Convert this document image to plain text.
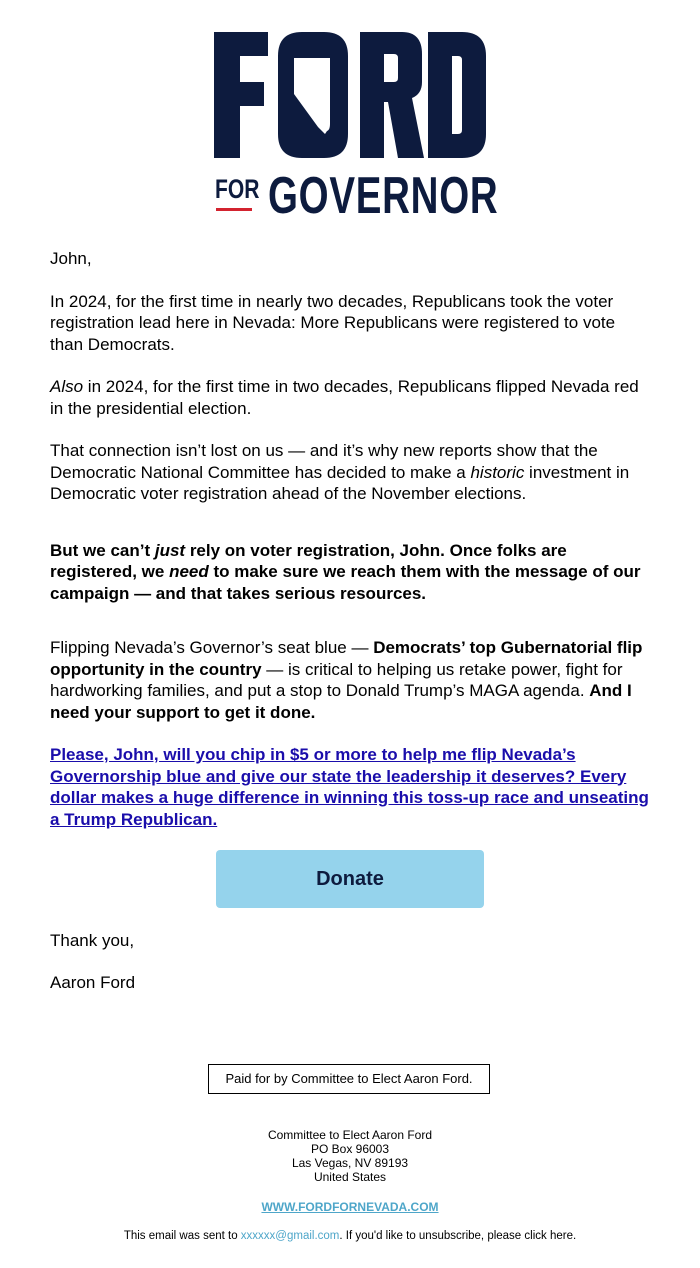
FOR GOVERNOR

John,

In 2024, for the first time in nearly two decades, Republicans took the voter registration lead here in Nevada: More Republicans were registered to vote than Democrats.

Also in 2024, for the first time in two decades, Republicans flipped Nevada red in the presidential election.

That connection isn’t lost on us — and it’s why new reports show that the Democratic National Committee has decided to make a historic investment in Democratic voter registration ahead of the November elections.

But we can’t just rely on voter registration, John. Once folks are registered, we need to make sure we reach them with the message of our campaign — and that takes serious resources.

Flipping Nevada’s Governor’s seat blue — Democrats’ top Gubernatorial flip opportunity in the country — is critical to helping us retake power, fight for hardworking families, and put a stop to Donald Trump’s MAGA agenda. And I need your support to get it done.

Please, John, will you chip in $5 or more to help me flip Nevada’s Governorship blue and give our state the leadership it deserves? Every dollar makes a huge difference in winning this toss-up race and unseating a Trump Republican.

Donate

Thank you,

Aaron Ford

Paid for by Committee to Elect Aaron Ford.
Committee to Elect Aaron Ford
PO Box 96003
Las Vegas, NV 89193
United States
WWW.FORDFORNEVADA.COM
This email was sent to xxxxxx@gmail.com. If you'd like to unsubscribe, please click here.
